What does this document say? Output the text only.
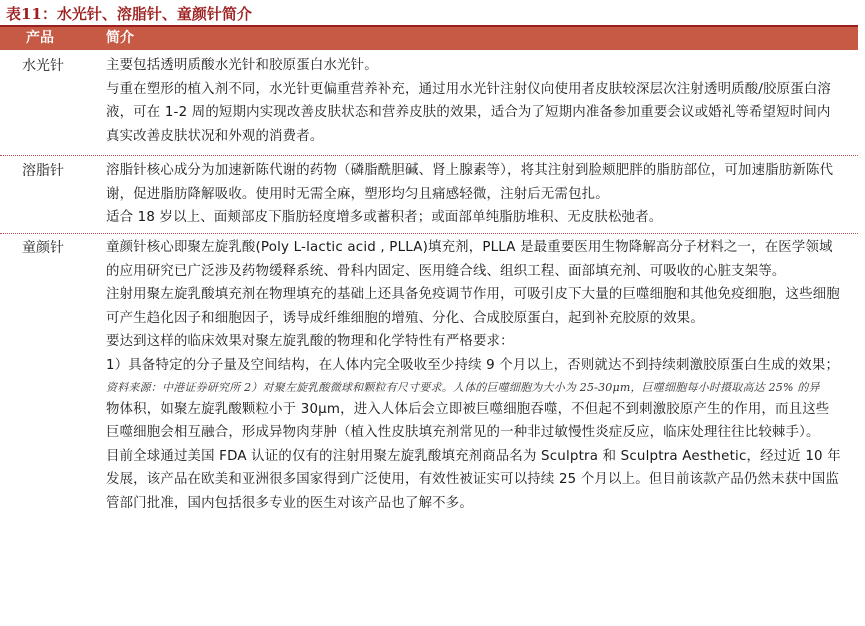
表11：水光针、溶脂针、童颜针简介
产品	简介
水光针	主要包括透明质酸水光针和胶原蛋白水光针。

与重在塑形的植入剂不同，水光针更偏重营养补充，通过用水光针注射仪向使用者皮肤较深层次注射透明质酸/胶原蛋白溶液，可在 1-2 周的短期内实现改善皮肤状态和营养皮肤的效果，适合为了短期内准备参加重要会议或婚礼等希望短时间内真实改善皮肤状况和外观的消费者。

溶脂针	溶脂针核心成分为加速新陈代谢的药物（磷脂酰胆碱、肾上腺素等），将其注射到脸颊肥胖的脂肪部位，可加速脂肪新陈代谢，促进脂肪降解吸收。使用时无需全麻，塑形均匀且痛感轻微，注射后无需包扎。

适合 18 岁以上、面颊部皮下脂肪轻度增多或蓄积者；或面部单纯脂肪堆积、无皮肤松弛者。

童颜针	童颜针核心即聚左旋乳酸(Poly L-lactic acid , PLLA)填充剂，PLLA 是最重要医用生物降解高分子材料之一，在医学领域的应用研究已广泛涉及药物缓释系统、骨科内固定、医用缝合线、组织工程、面部填充剂、可吸收的心脏支架等。

注射用聚左旋乳酸填充剂在物理填充的基础上还具备免疫调节作用，可吸引皮下大量的巨噬细胞和其他免疫细胞，这些细胞可产生趋化因子和细胞因子，诱导成纤维细胞的增殖、分化、合成胶原蛋白，起到补充胶原的效果。

要达到这样的临床效果对聚左旋乳酸的物理和化学特性有严格要求：

1）具备特定的分子量及空间结构，在人体内完全吸收至少持续 9 个月以上，否则就达不到持续刺激胶原蛋白生成的效果；

资料来源：中港证券研究所 2）对聚左旋乳酸微球和颗粒有尺寸要求。人体的巨噬细胞为大小为 25-30μm，巨噬细胞每小时摄取高达 25% 的异

物体积，如聚左旋乳酸颗粒小于 30μm，进入人体后会立即被巨噬细胞吞噬，不但起不到刺激胶原产生的作用，而且这些巨噬细胞会相互融合，形成异物肉芽肿（植入性皮肤填充剂常见的一种非过敏慢性炎症反应，临床处理往往比较棘手）。

目前全球通过美国 FDA 认证的仅有的注射用聚左旋乳酸填充剂商品名为 Sculptra 和 Sculptra Aesthetic，经过近 10 年发展，该产品在欧美和亚洲很多国家得到广泛使用，有效性被证实可以持续 25 个月以上。但目前该款产品仍然未获中国监管部门批准，国内包括很多专业的医生对该产品也了解不多。
